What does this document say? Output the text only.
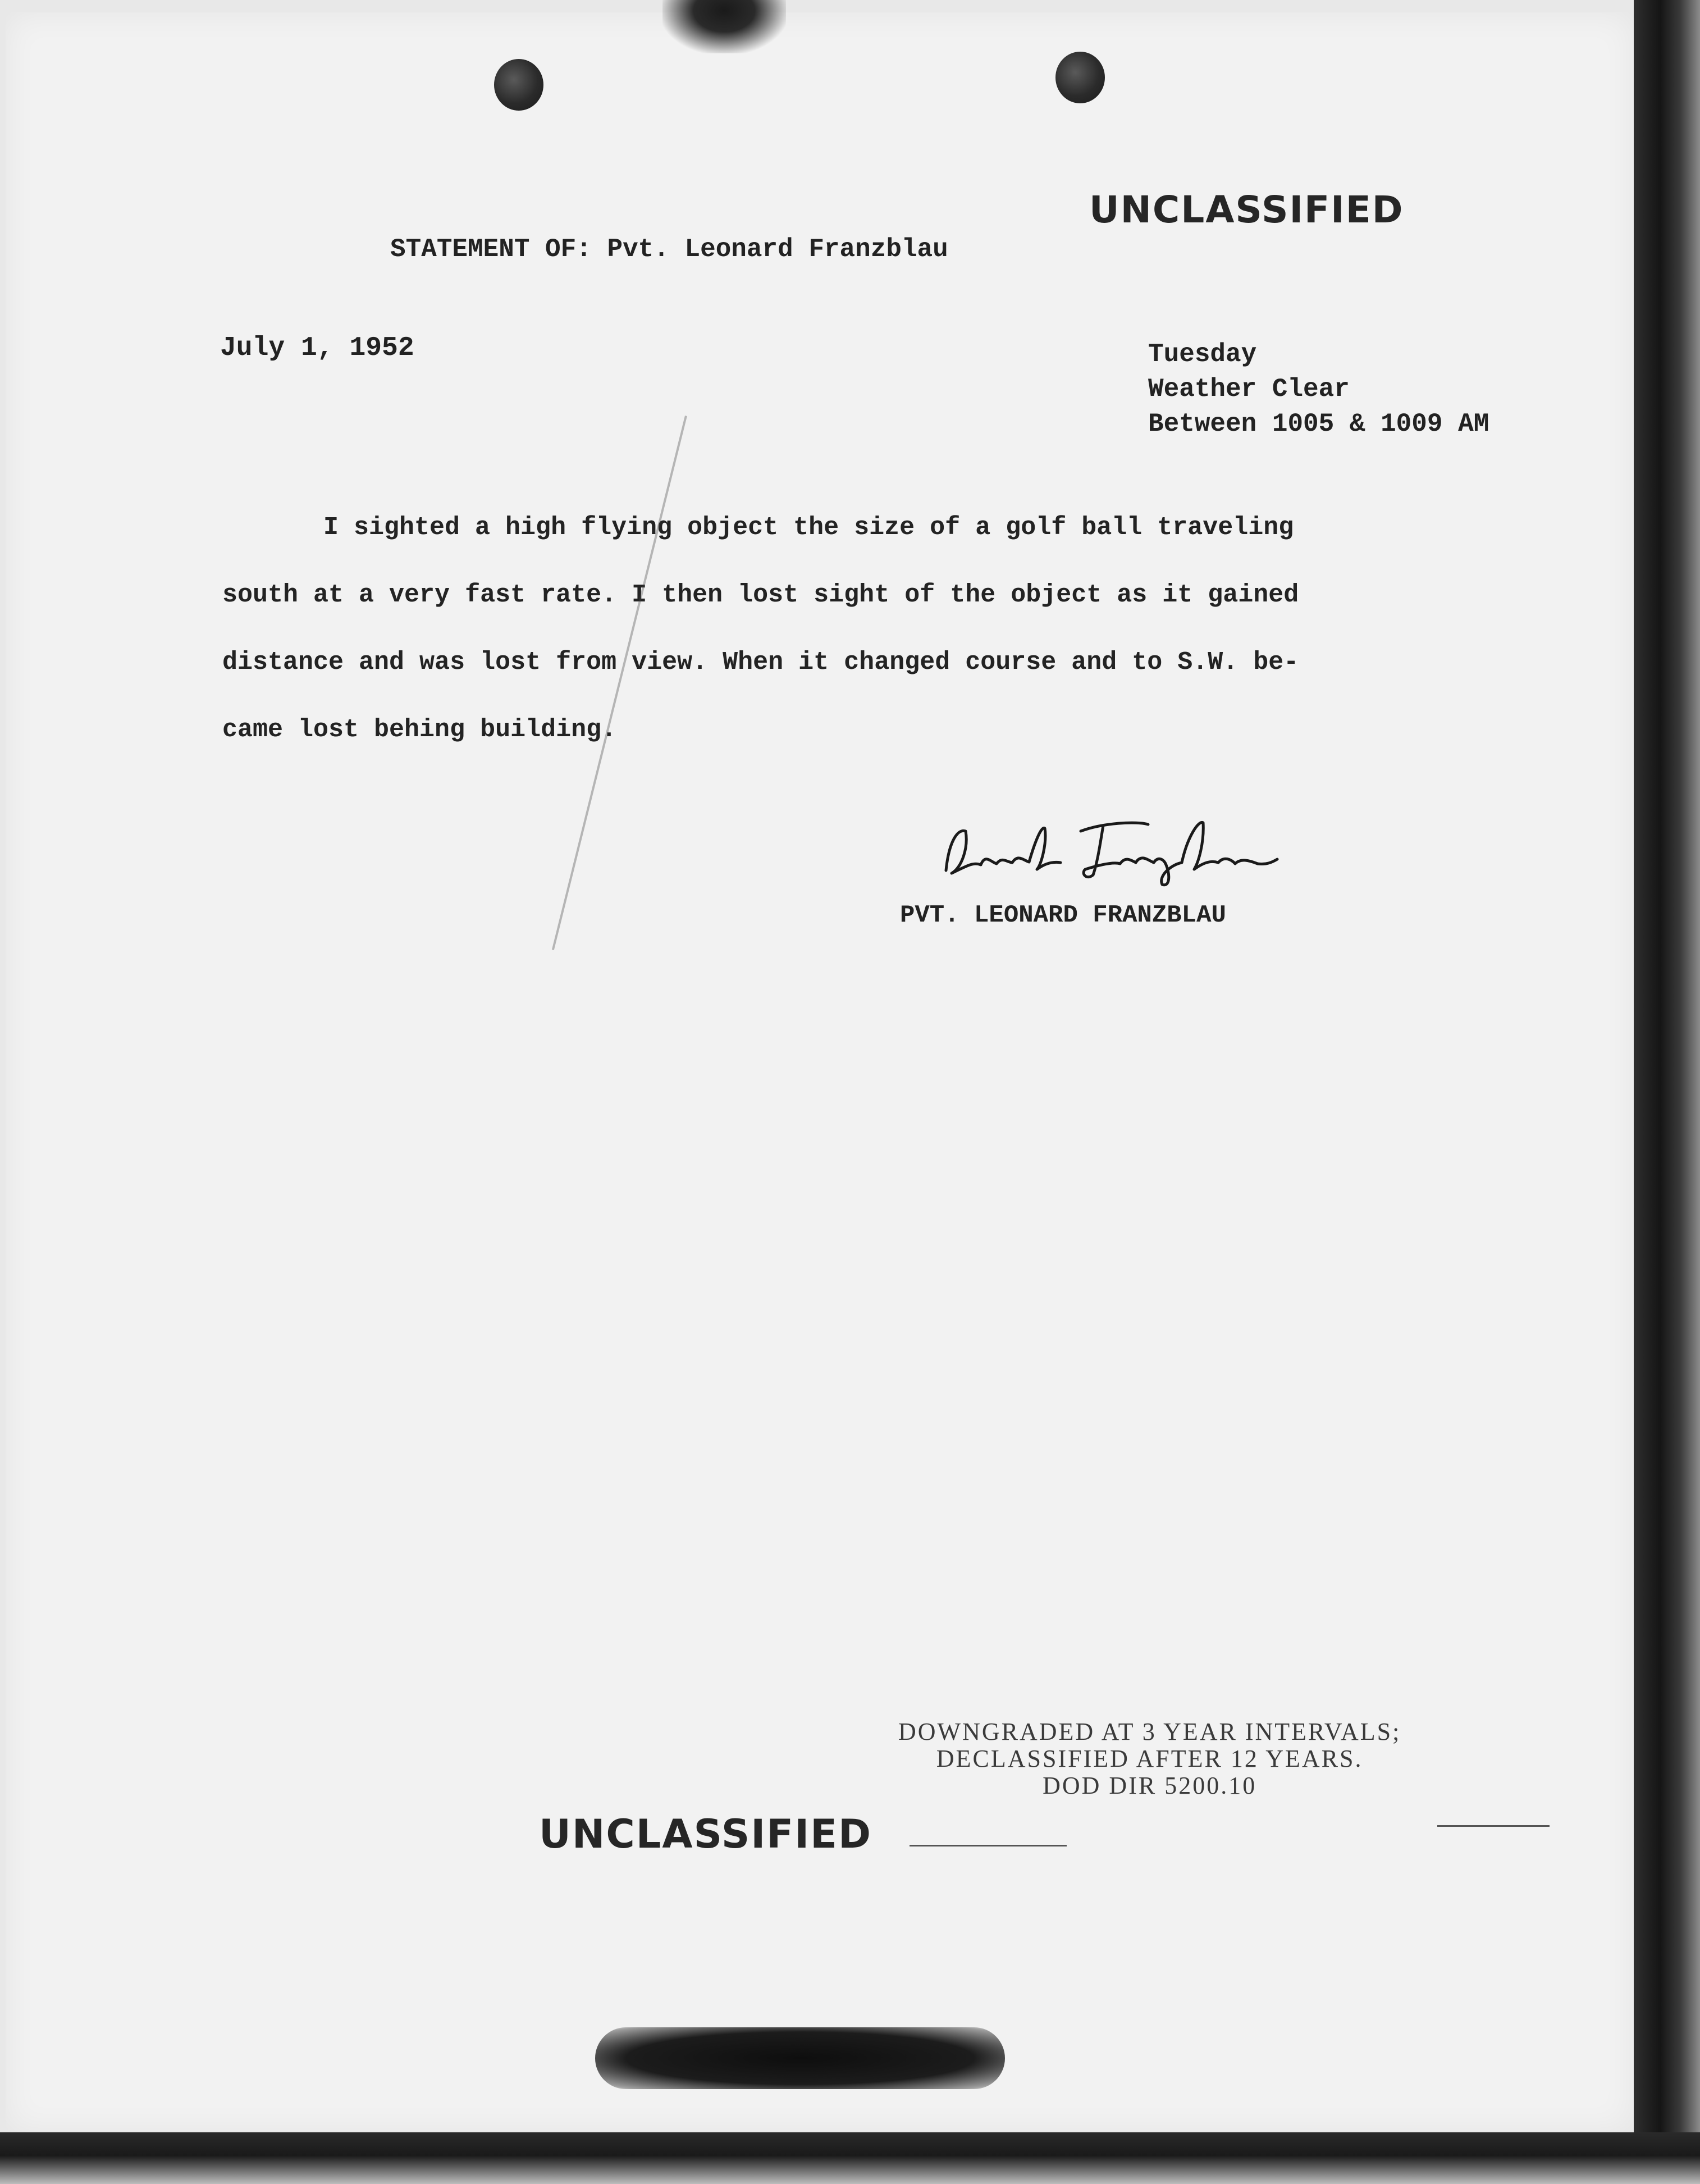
UNCLASSIFIED
STATEMENT OF: Pvt. Leonard Franzblau
July 1, 1952	Tuesday
Weather Clear
Between 1005 & 1009 AM
I sighted a high flying object the size of a golf ball traveling
south at a very fast rate. I then lost sight of the object as it gained
distance and was lost from view. When it changed course and to S.W. be-
came lost behing building.
PVT. LEONARD FRANZBLAU
DOWNGRADED AT 3 YEAR INTERVALS;
DECLASSIFIED AFTER 12 YEARS.
DOD DIR 5200.10
UNCLASSIFIED
